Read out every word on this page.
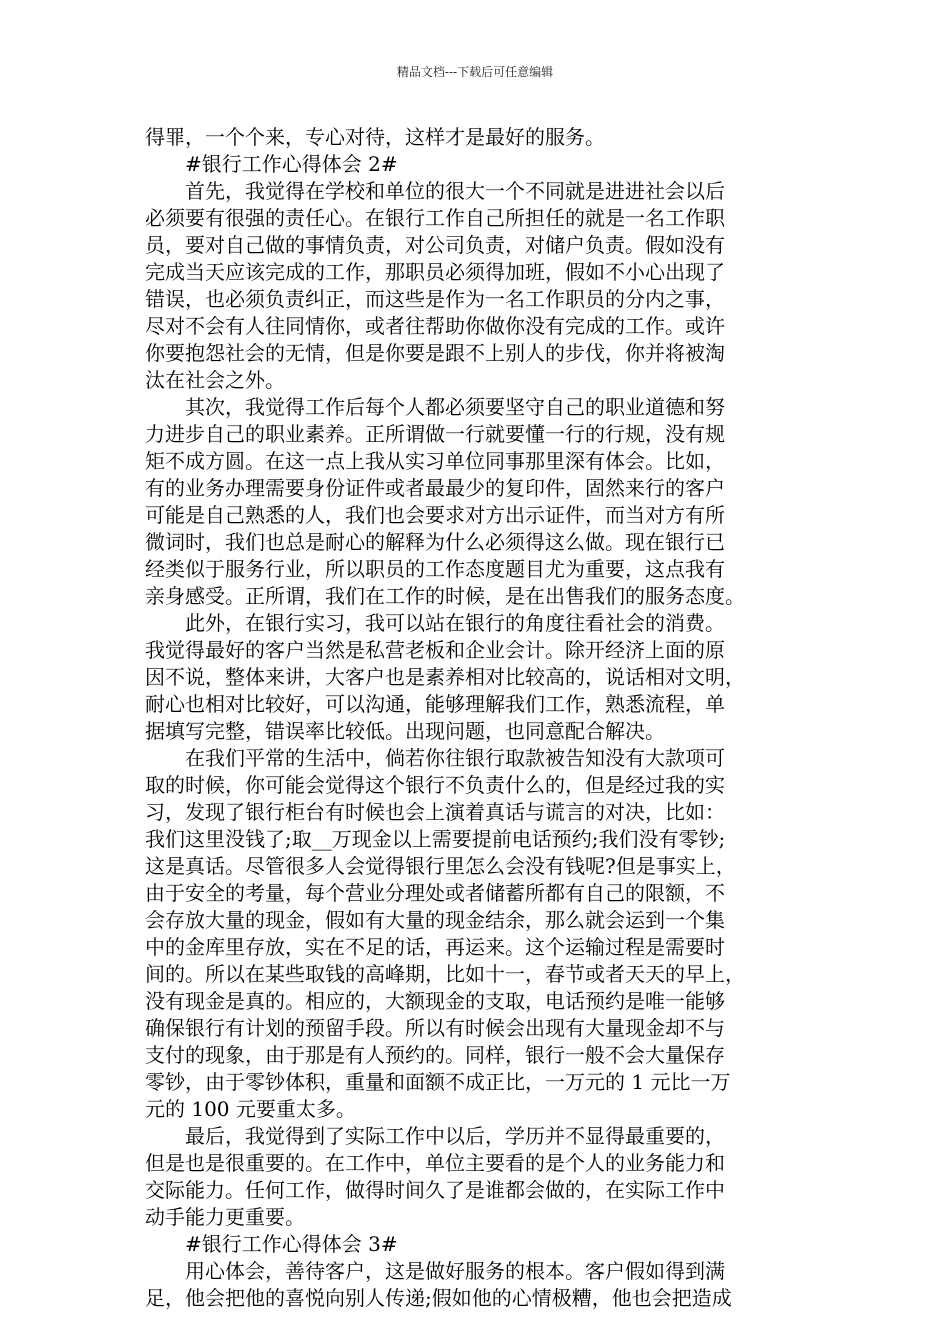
精品文档---下载后可任意编辑
得罪，一个个来，专心对待，这样才是最好的服务。
#银行工作心得体会 2#
首先，我觉得在学校和单位的很大一个不同就是进进社会以后
必须要有很强的责任心。在银行工作自己所担任的就是一名工作职
员，要对自己做的事情负责，对公司负责，对储户负责。假如没有
完成当天应该完成的工作，那职员必须得加班，假如不小心出现了
错误，也必须负责纠正，而这些是作为一名工作职员的分内之事，
尽对不会有人往同情你，或者往帮助你做你没有完成的工作。或许
你要抱怨社会的无情，但是你要是跟不上别人的步伐，你并将被淘
汰在社会之外。
其次，我觉得工作后每个人都必须要坚守自己的职业道德和努
力进步自己的职业素养。正所谓做一行就要懂一行的行规，没有规
矩不成方圆。在这一点上我从实习单位同事那里深有体会。比如，
有的业务办理需要身份证件或者最最少的复印件，固然来行的客户
可能是自己熟悉的人，我们也会要求对方出示证件，而当对方有所
微词时，我们也总是耐心的解释为什么必须得这么做。现在银行已
经类似于服务行业，所以职员的工作态度题目尤为重要，这点我有
亲身感受。正所谓，我们在工作的时候，是在出售我们的服务态度。
此外，在银行实习，我可以站在银行的角度往看社会的消费。
我觉得最好的客户当然是私营老板和企业会计。除开经济上面的原
因不说，整体来讲，大客户也是素养相对比较高的，说话相对文明，
耐心也相对比较好，可以沟通，能够理解我们工作，熟悉流程，单
据填写完整，错误率比较低。出现问题，也同意配合解决。
在我们平常的生活中，倘若你往银行取款被告知没有大款项可
取的时候，你可能会觉得这个银行不负责什么的，但是经过我的实
习，发现了银行柜台有时候也会上演着真话与谎言的对决，比如：
我们这里没钱了;取__万现金以上需要提前电话预约;我们没有零钞;
这是真话。尽管很多人会觉得银行里怎么会没有钱呢?但是事实上，
由于安全的考量，每个营业分理处或者储蓄所都有自己的限额，不
会存放大量的现金，假如有大量的现金结余，那么就会运到一个集
中的金库里存放，实在不足的话，再运来。这个运输过程是需要时
间的。所以在某些取钱的高峰期，比如十一，春节或者天天的早上，
没有现金是真的。相应的，大额现金的支取，电话预约是唯一能够
确保银行有计划的预留手段。所以有时候会出现有大量现金却不与
支付的现象，由于那是有人预约的。同样，银行一般不会大量保存
零钞，由于零钞体积，重量和面额不成正比，一万元的 1 元比一万
元的 100 元要重太多。
最后，我觉得到了实际工作中以后，学历并不显得最重要的，
但是也是很重要的。在工作中，单位主要看的是个人的业务能力和
交际能力。任何工作，做得时间久了是谁都会做的，在实际工作中
动手能力更重要。
#银行工作心得体会 3#
用心体会，善待客户，这是做好服务的根本。客户假如得到满
足，他会把他的喜悦向别人传递;假如他的心情极糟，他也会把造成
